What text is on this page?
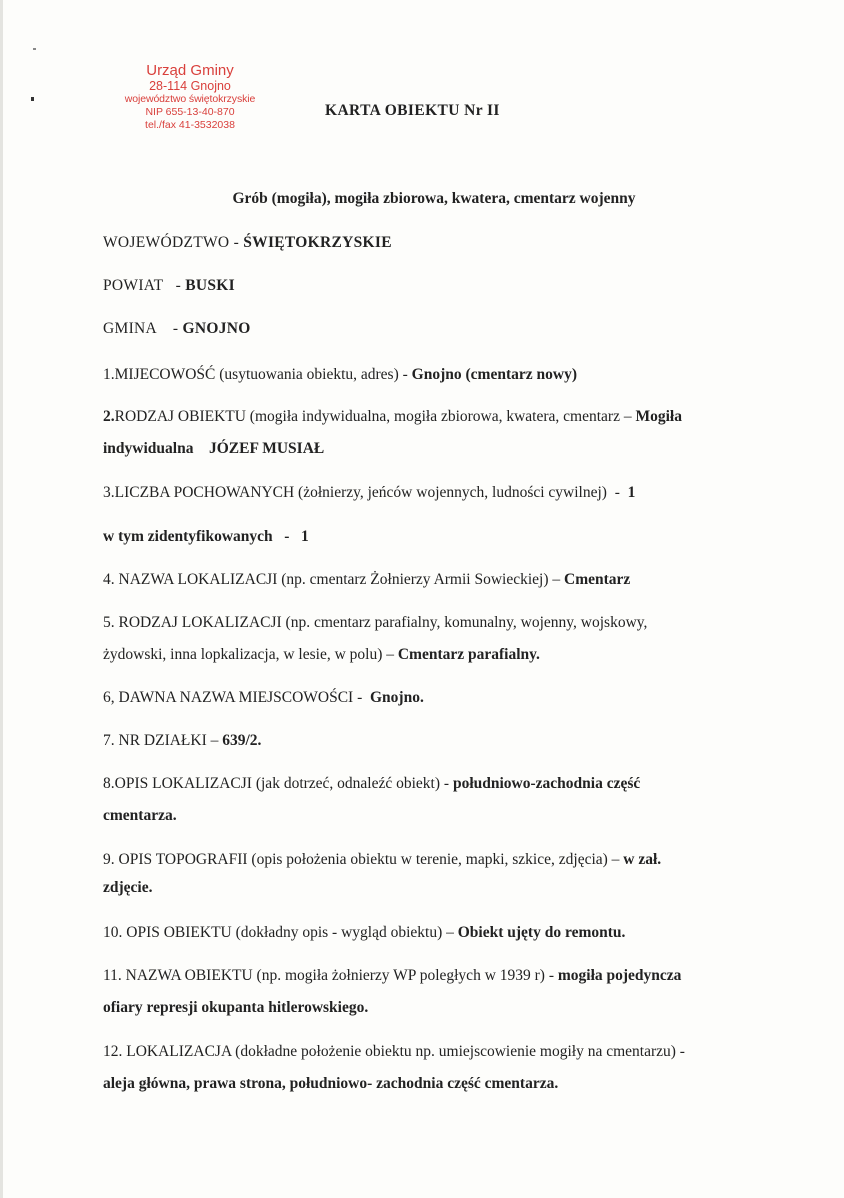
Urząd Gminy
28-114 Gnojno
województwo świętokrzyskie
NIP 655-13-40-870
tel./fax 41-3532038
KARTA OBIEKTU Nr II
Grób (mogiła), mogiła zbiorowa, kwatera, cmentarz wojenny
WOJEWÓDZTWO - ŚWIĘTOKRZYSKIE
POWIAT   - BUSKI
GMINA    - GNOJNO
1.MIJECOWOŚĆ (usytuowania obiektu, adres) - Gnojno (cmentarz nowy)
2.RODZAJ OBIEKTU (mogiła indywidualna, mogiła zbiorowa, kwatera, cmentarz – Mogiła
indywidualna    JÓZEF MUSIAŁ
3.LICZBA POCHOWANYCH (żołnierzy, jeńców wojennych, ludności cywilnej)  -  1
w tym zidentyfikowanych   -   1
4. NAZWA LOKALIZACJI (np. cmentarz Żołnierzy Armii Sowieckiej) – Cmentarz
5. RODZAJ LOKALIZACJI (np. cmentarz parafialny, komunalny, wojenny, wojskowy,
żydowski, inna lopkalizacja, w lesie, w polu) – Cmentarz parafialny.
6, DAWNA NAZWA MIEJSCOWOŚCI -  Gnojno.
7. NR DZIAŁKI – 639/2.
8.OPIS LOKALIZACJI (jak dotrzeć, odnaleźć obiekt) - południowo-zachodnia część
cmentarza.
9. OPIS TOPOGRAFII (opis położenia obiektu w terenie, mapki, szkice, zdjęcia) – w zał.
zdjęcie.
10. OPIS OBIEKTU (dokładny opis - wygląd obiektu) – Obiekt ujęty do remontu.
11. NAZWA OBIEKTU (np. mogiła żołnierzy WP poległych w 1939 r) - mogiła pojedyncza
ofiary represji okupanta hitlerowskiego.
12. LOKALIZACJA (dokładne położenie obiektu np. umiejscowienie mogiły na cmentarzu) -
aleja główna, prawa strona, południowo- zachodnia część cmentarza.
